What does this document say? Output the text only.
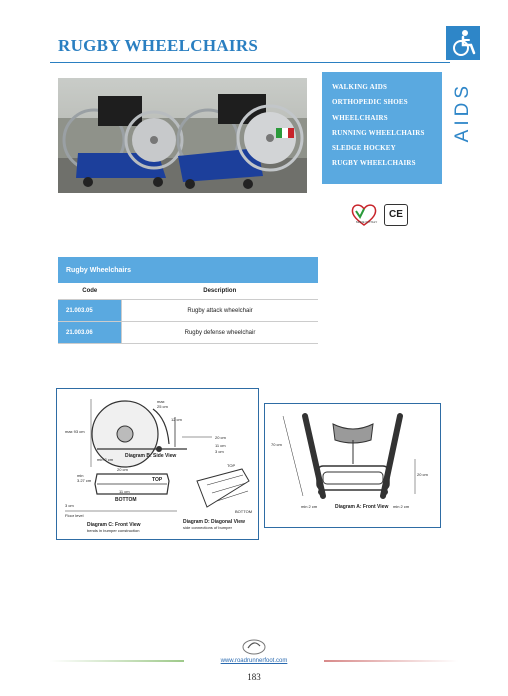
RUGBY WHEELCHAIRS
AIDS
WALKING AIDS
ORTHOPEDIC SHOES
WHEELCHAIRS
RUNNING WHEELCHAIRS
SLEDGE HOCKEY
RUGBY WHEELCHAIRS
MADE IN ITALY
CE
Rugby Wheelchairs	
Code	Description
21.003.05	Rugby attack wheelchair
21.003.06	Rugby defense wheelchair
max 93 cm
max
25 cm
12 cm
20 cm
11 cm
3 cm
min 2 cm
Diagram B: Side View
TOP
BOTTOM
20 cm
11 cm
min
3.27 cm
3 cm
Floor level
Diagram C: Front View
bends in bumper construction
TOP
BOTTOM
Diagram D: Diagonal View
side connections of bumper
70 cm
20 cm
min 2 cm	min 2 cm
Diagram A: Front View
www.roadrunnerfoot.com
183
